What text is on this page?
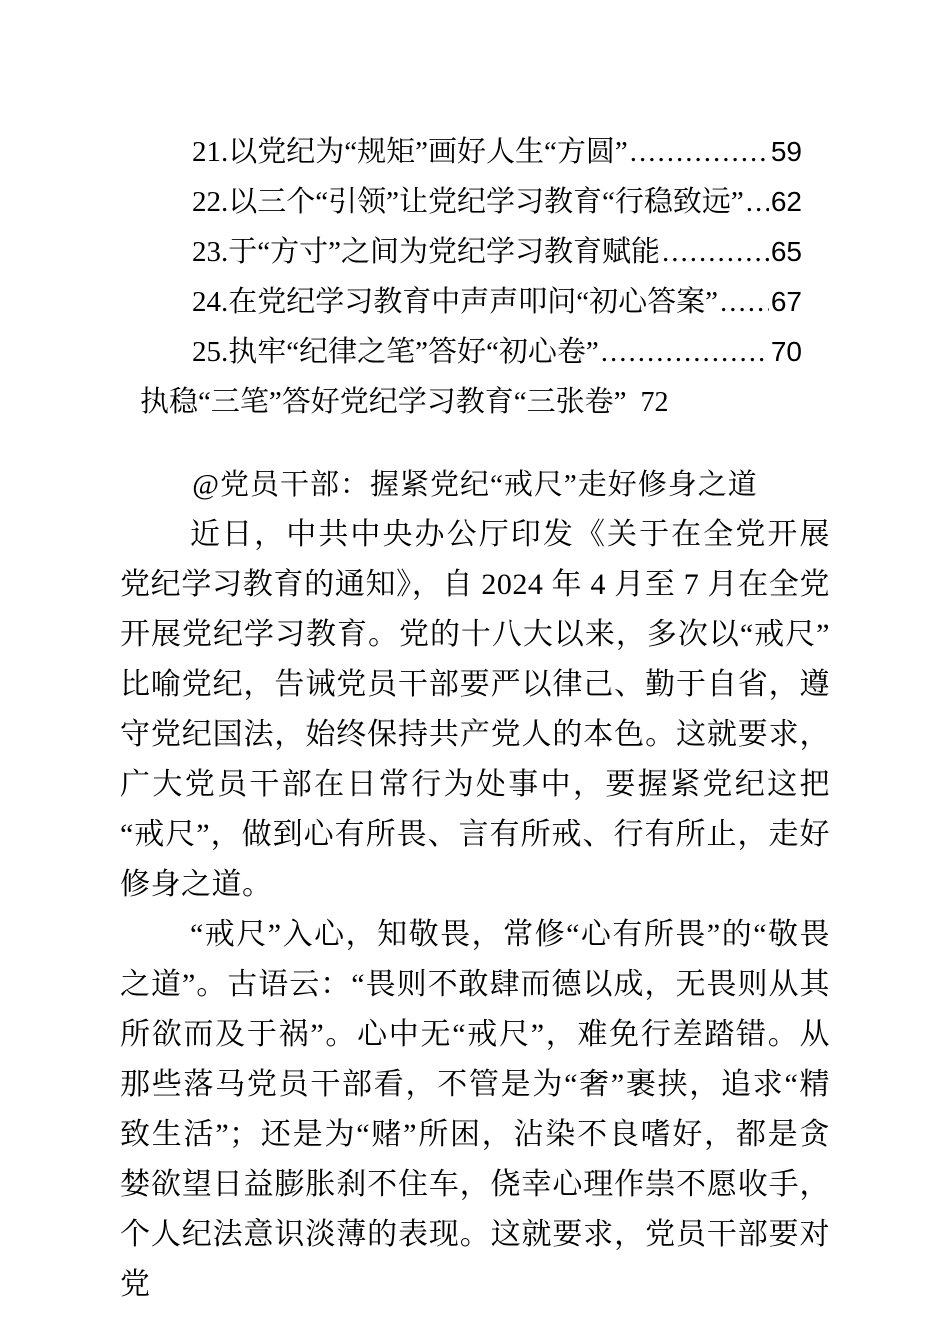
21. 以党纪为“规矩”画好人生“方圆” .....	59
22. 以三个“引领”让党纪学习教育“行稳致远” ..... 62
23. 于“方寸”之间为党纪学习教育赋能 .....	65
24. 在党纪学习教育中声声叩问“初心答案” ..... 67
25. 执牢“纪律之笔”答好“初心卷” .....	70
执稳“三笔”答好党纪学习教育“三张卷” 72
@党员干部：握紧党纪“戒尺”走好修身之道

近日，中共中央办公厅印发《关于在全党开展党纪学习教育的通知》，自 2024 年 4 月至 7 月在全党开展党纪学习教育。党的十八大以来，多次以“戒尺”比喻党纪，告诫党员干部要严以律己、勤于自省，遵守党纪国法，始终保持共产党人的本色。这就要求，广大党员干部在日常行为处事中，要握紧党纪这把“戒尺”，做到心有所畏、言有所戒、行有所止，走好修身之道。

“戒尺”入心，知敬畏，常修“心有所畏”的“敬畏之道”。古语云：“畏则不敢肆而德以成，无畏则从其所欲而及于祸”。心中无“戒尺”，难免行差踏错。从那些落马党员干部看，不管是为“奢”裹挟，追求“精致生活”；还是为“赌”所困，沾染不良嗜好，都是贪婪欲望日益膨胀刹不住车，侥幸心理作祟不愿收手，个人纪法意识淡薄的表现。这就要求，党员干部要对党
